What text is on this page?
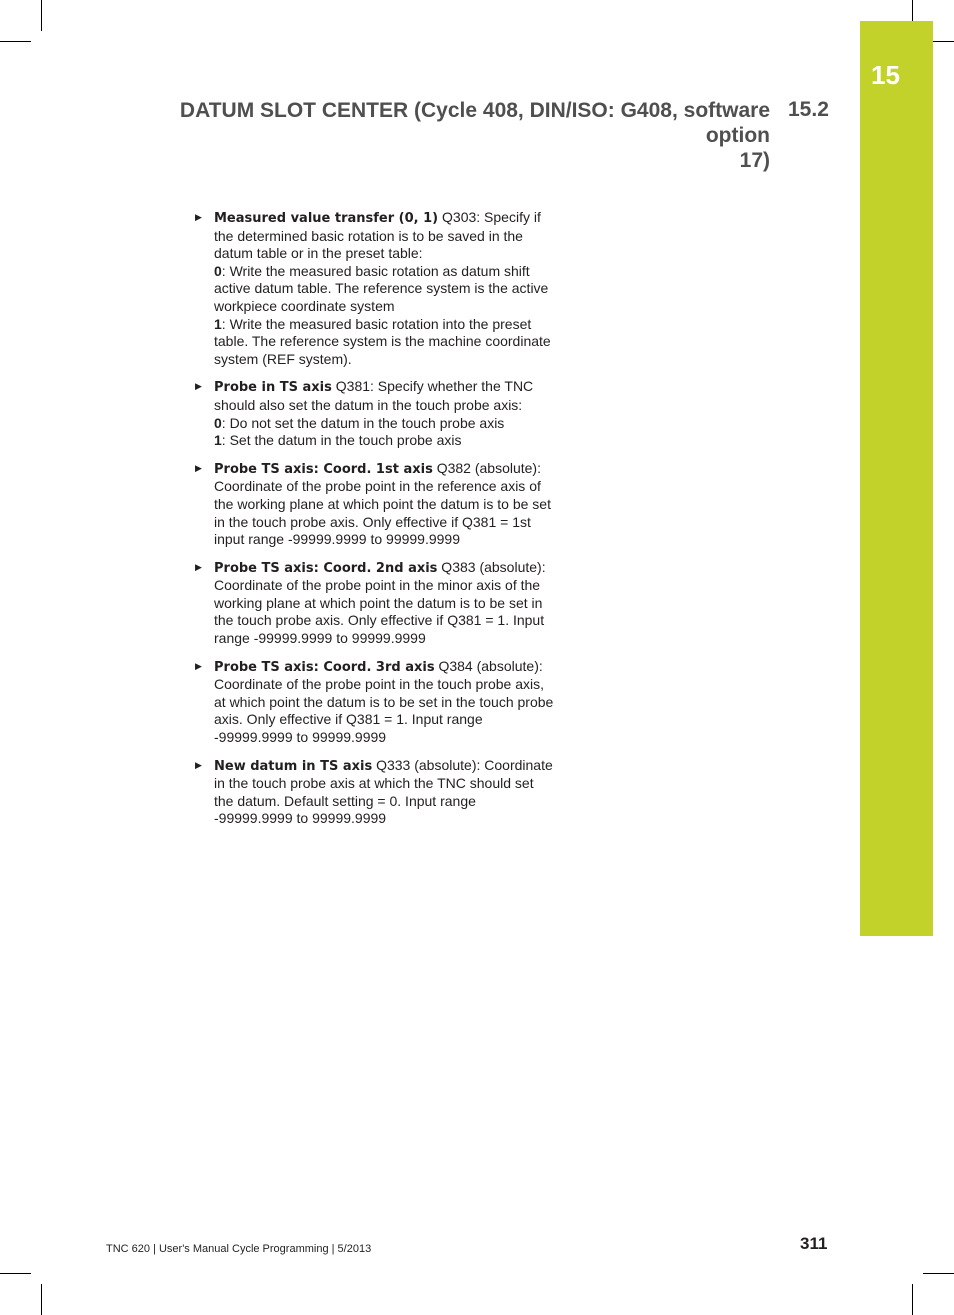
15
DATUM SLOT CENTER (Cycle 408, DIN/ISO: G408, software option
17)
15.2
▶ Measured value transfer (0, 1) Q303: Specify if the determined basic rotation is to be saved in the datum table or in the preset table:
0: Write the measured basic rotation as datum shift active datum table. The reference system is the active workpiece coordinate system
1: Write the measured basic rotation into the preset table. The reference system is the machine coordinate system (REF system).
▶ Probe in TS axis Q381: Specify whether the TNC should also set the datum in the touch probe axis:
0: Do not set the datum in the touch probe axis
1: Set the datum in the touch probe axis
▶ Probe TS axis: Coord. 1st axis Q382 (absolute): Coordinate of the probe point in the reference axis of the working plane at which point the datum is to be set in the touch probe axis. Only effective if Q381 = 1st input range -99999.9999 to 99999.9999
▶ Probe TS axis: Coord. 2nd axis Q383 (absolute): Coordinate of the probe point in the minor axis of the working plane at which point the datum is to be set in the touch probe axis. Only effective if Q381 = 1. Input range -99999.9999 to 99999.9999
▶ Probe TS axis: Coord. 3rd axis Q384 (absolute): Coordinate of the probe point in the touch probe axis, at which point the datum is to be set in the touch probe axis. Only effective if Q381 = 1. Input range -99999.9999 to 99999.9999
▶ New datum in TS axis Q333 (absolute): Coordinate in the touch probe axis at which the TNC should set the datum. Default setting = 0. Input range -99999.9999 to 99999.9999
TNC 620 | User's Manual Cycle Programming | 5/2013	311
